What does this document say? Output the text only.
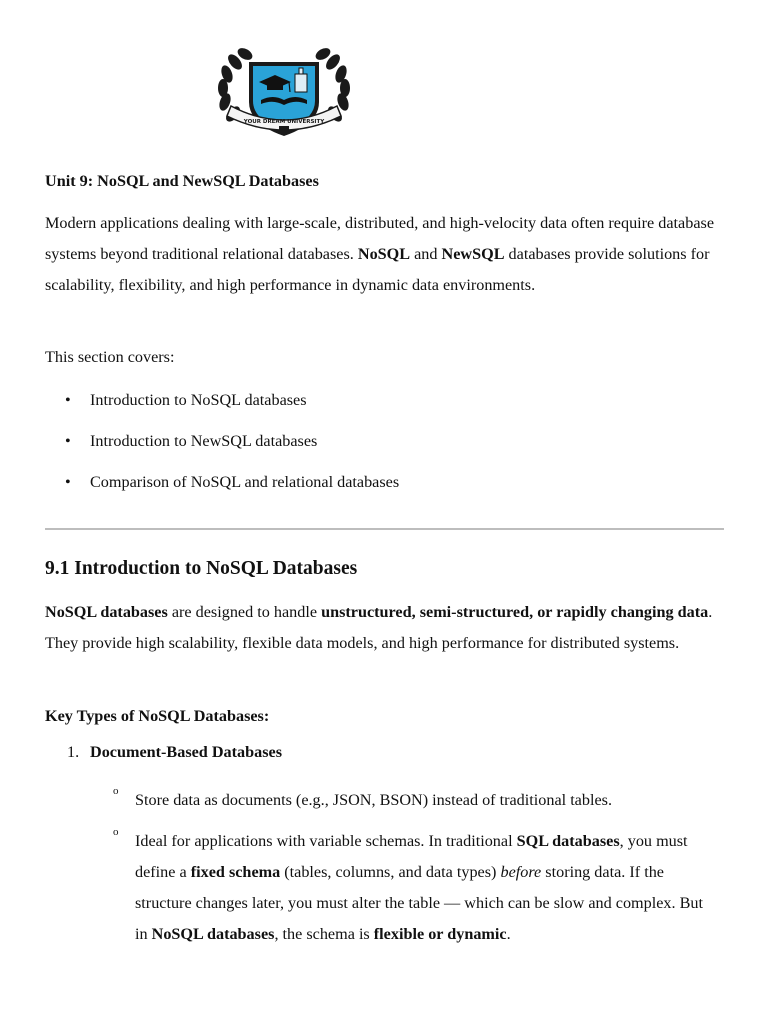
YOUR DREAM UNIVERSITY

Unit 9: NoSQL and NewSQL Databases

Modern applications dealing with large-scale, distributed, and high-velocity data often require database systems beyond traditional relational databases. NoSQL and NewSQL databases provide solutions for scalability, flexibility, and high performance in dynamic data environments.

This section covers:

• Introduction to NoSQL databases
• Introduction to NewSQL databases
• Comparison of NoSQL and relational databases
9.1 Introduction to NoSQL Databases

NoSQL databases are designed to handle unstructured, semi-structured, or rapidly changing data. They provide high scalability, flexible data models, and high performance for distributed systems.

Key Types of NoSQL Databases:

1. Document-Based Databases
o Store data as documents (e.g., JSON, BSON) instead of traditional tables.

o Ideal for applications with variable schemas. In traditional SQL databases, you must define a fixed schema (tables, columns, and data types) before storing data. If the structure changes later, you must alter the table — which can be slow and complex. But in NoSQL databases, the schema is flexible or dynamic.
